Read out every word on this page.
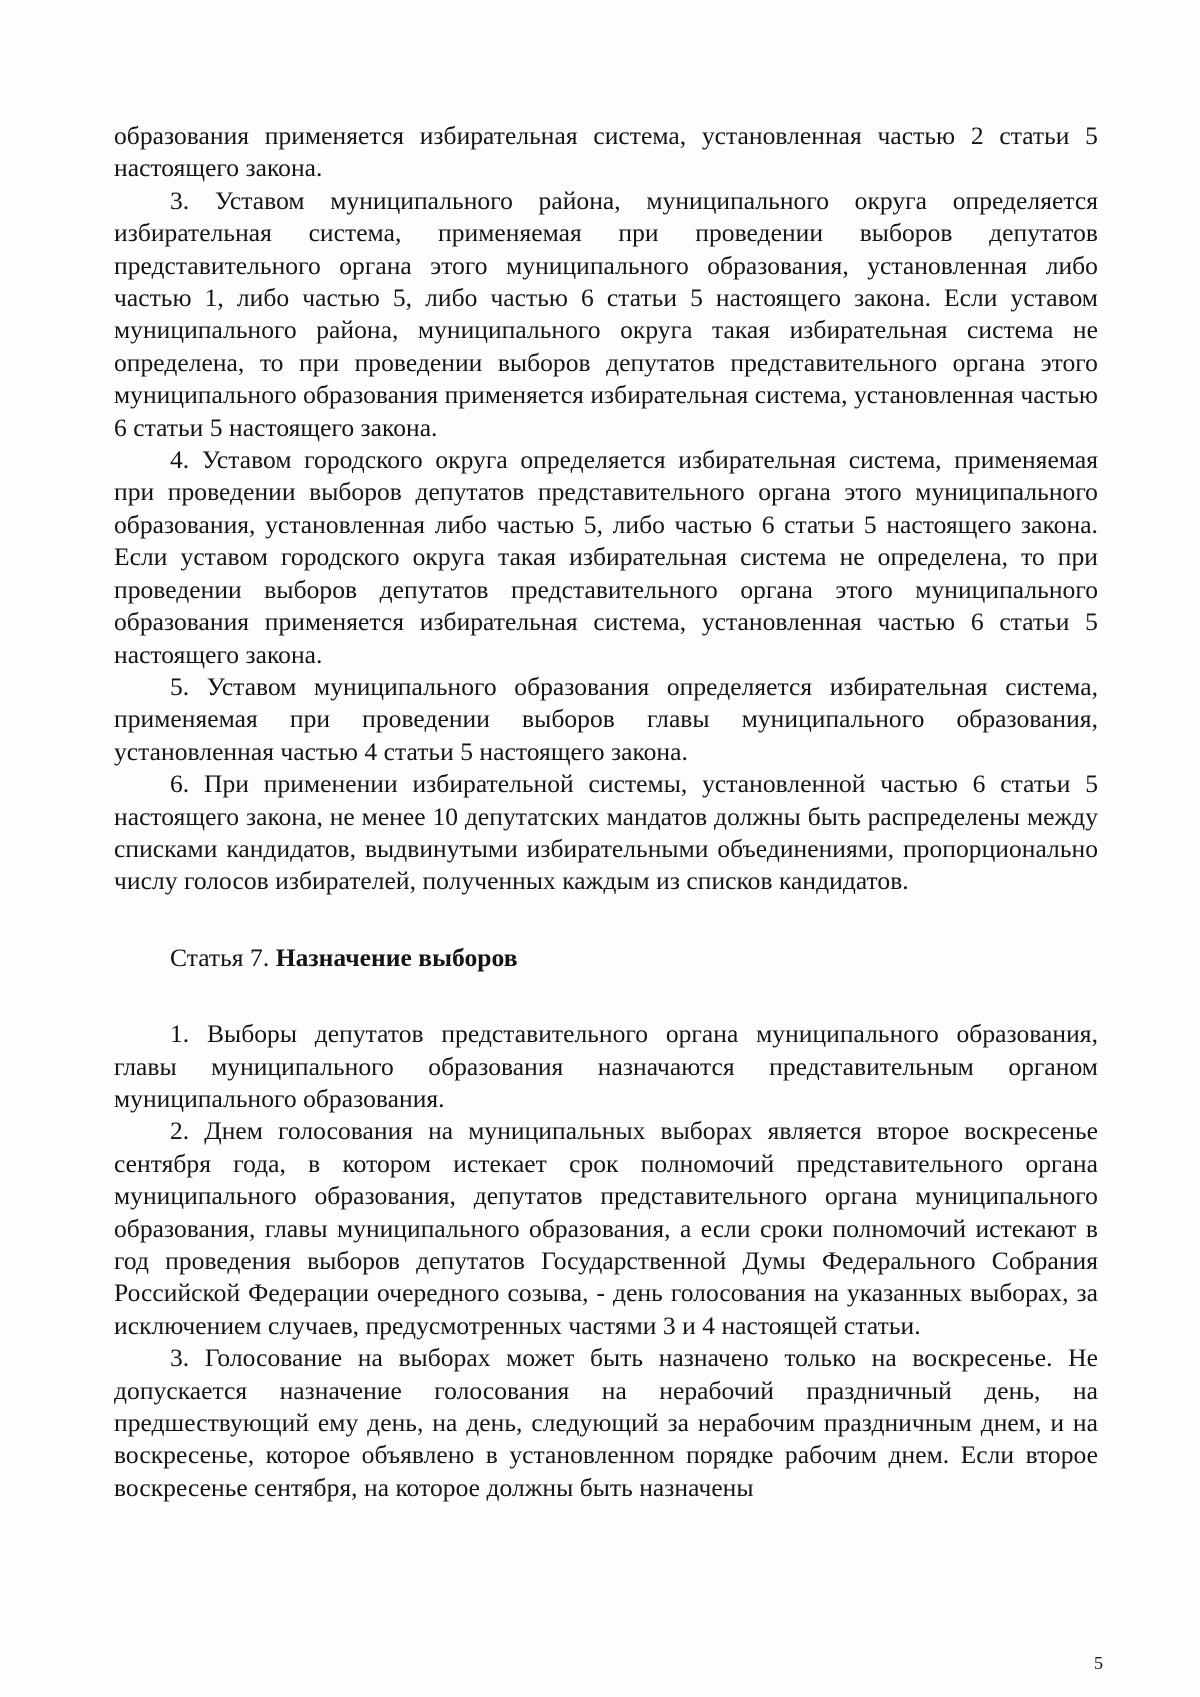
образования применяется избирательная система, установленная частью 2 статьи 5 настоящего закона.

3. Уставом муниципального района, муниципального округа определяется избирательная система, применяемая при проведении выборов депутатов представительного органа этого муниципального образования, установленная либо частью 1, либо частью 5, либо частью 6 статьи 5 настоящего закона. Если уставом муниципального района, муниципального округа такая избирательная система не определена, то при проведении выборов депутатов представительного органа этого муниципального образования применяется избирательная система, установленная частью 6 статьи 5 настоящего закона.

4. Уставом городского округа определяется избирательная система, применяемая при проведении выборов депутатов представительного органа этого муниципального образования, установленная либо частью 5, либо частью 6 статьи 5 настоящего закона. Если уставом городского округа такая избирательная система не определена, то при проведении выборов депутатов представительного органа этого муниципального образования применяется избирательная система, установленная частью 6 статьи 5 настоящего закона.

5. Уставом муниципального образования определяется избирательная система, применяемая при проведении выборов главы муниципального образования, установленная частью 4 статьи 5 настоящего закона.

6. При применении избирательной системы, установленной частью 6 статьи 5 настоящего закона, не менее 10 депутатских мандатов должны быть распределены между списками кандидатов, выдвинутыми избирательными объединениями, пропорционально числу голосов избирателей, полученных каждым из списков кандидатов.

Статья 7. Назначение выборов

1. Выборы депутатов представительного органа муниципального образования, главы муниципального образования назначаются представительным органом муниципального образования.

2. Днем голосования на муниципальных выборах является второе воскресенье сентября года, в котором истекает срок полномочий представительного органа муниципального образования, депутатов представительного органа муниципального образования, главы муниципального образования, а если сроки полномочий истекают в год проведения выборов депутатов Государственной Думы Федерального Собрания Российской Федерации очередного созыва, - день голосования на указанных выборах, за исключением случаев, предусмотренных частями 3 и 4 настоящей статьи.

3. Голосование на выборах может быть назначено только на воскресенье. Не допускается назначение голосования на нерабочий праздничный день, на предшествующий ему день, на день, следующий за нерабочим праздничным днем, и на воскресенье, которое объявлено в установленном порядке рабочим днем. Если второе воскресенье сентября, на которое должны быть назначены

5
